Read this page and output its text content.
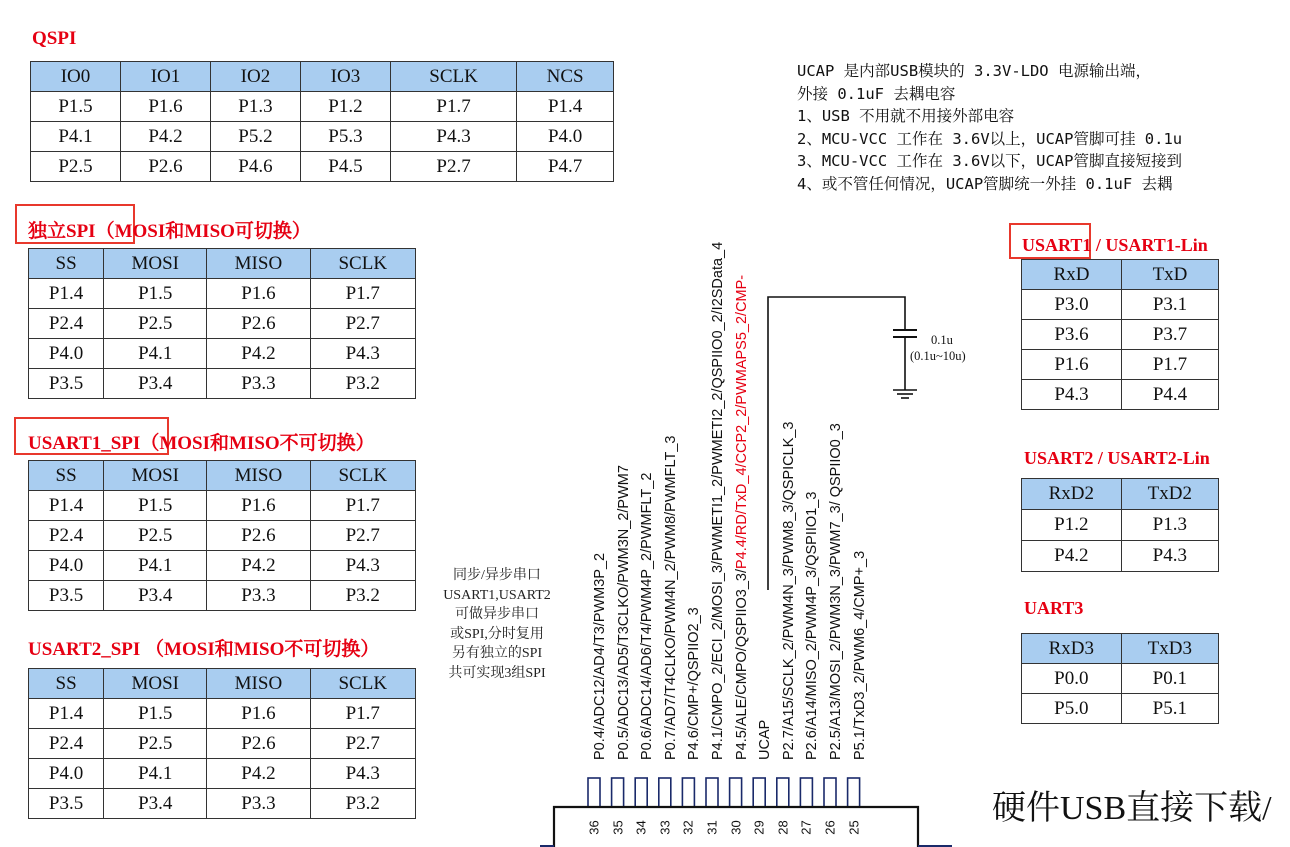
QSPI
IO0	IO1	IO2	IO3	SCLK	NCS
P1.5	P1.6	P1.3	P1.2	P1.7	P1.4
P4.1	P4.2	P5.2	P5.3	P4.3	P4.0
P2.5	P2.6	P4.6	P4.5	P2.7	P4.7
独立SPI（MOSI和MISO可切换）
SS	MOSI	MISO	SCLK
P1.4	P1.5	P1.6	P1.7
P2.4	P2.5	P2.6	P2.7
P4.0	P4.1	P4.2	P4.3
P3.5	P3.4	P3.3	P3.2
USART1_SPI（MOSI和MISO不可切换）
SS	MOSI	MISO	SCLK
P1.4	P1.5	P1.6	P1.7
P2.4	P2.5	P2.6	P2.7
P4.0	P4.1	P4.2	P4.3
P3.5	P3.4	P3.3	P3.2
USART2_SPI （MOSI和MISO不可切换）
SS	MOSI	MISO	SCLK
P1.4	P1.5	P1.6	P1.7
P2.4	P2.5	P2.6	P2.7
P4.0	P4.1	P4.2	P4.3
P3.5	P3.4	P3.3	P3.2
同步/异步串口
USART1,USART2
可做异步串口
或SPI,分时复用
另有独立的SPI
共可实现3组SPI
UCAP 是内部USB模块的 3.3V-LDO 电源输出端，
外接 0.1uF 去耦电容
1、USB 不用就不用接外部电容
2、MCU-VCC 工作在 3.6V以上，UCAP管脚可挂 0.1u
3、MCU-VCC 工作在 3.6V以下，UCAP管脚直接短接到
4、或不管任何情况，UCAP管脚统一外挂 0.1uF 去耦
0.1u
(0.1u~10u)
USART1 / USART1-Lin
RxD	TxD
P3.0	P3.1
P3.6	P3.7
P1.6	P1.7
P4.3	P4.4
USART2 / USART2-Lin
RxD2	TxD2
P1.2	P1.3
P4.2	P4.3
UART3
RxD3	TxD3
P0.0	P0.1
P5.0	P5.1
P0.4/ADC12/AD4/T3/PWM3P_2 P0.5/ADC13/AD5/T3CLKO/PWM3N_2/PWM7 P0.6/ADC14/AD6/T4/PWM4P_2/PWMFLT_2 P0.7/AD7/T4CLKO/PWM4N_2/PWM8/PWMFLT_3 P4.6/CMP+/QSPIIO2_3 P4.1/CMPO_2/ECI_2/MOSI_3/PWMETI1_2/PWMETI2_2/QSPIIO0_2/I2SData_4 P4.5/ALE/CMPO/QSPIIO3_3/P4.4/RD/TxD_4/CCP2_2/PWMAPS5_2/CMP-
UCAP P2.7/A15/SCLK_2/PWM4N_3/PWM8_3/QSPICLK_3 P2.6/A14/MISO_2/PWM4P_3/QSPIIO1_3 P2.5/A13/MOSI_2/PWM3N_3/PWM7_3/ QSPIIO0_3 P5.1/TxD3_2/PWM6_4/CMP+_3
36 35 34 33 32 31 30 29 28 27 26 25
硬件USB直接下载/
